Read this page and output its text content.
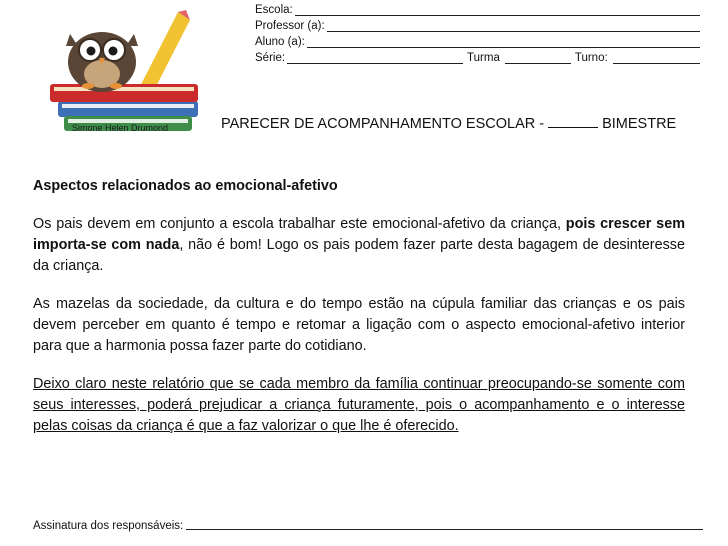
Simone Helen Drumond
Escola:
Professor (a):
Aluno (a):
Série:	Turma	Turno:
PARECER DE ACOMPANHAMENTO ESCOLAR -	BIMESTRE

Aspectos relacionados ao emocional-afetivo

Os pais devem em conjunto a escola trabalhar este emocional-afetivo da criança, pois crescer sem importa-se com nada, não é bom! Logo os pais podem fazer parte desta bagagem de desinteresse da criança.

As mazelas da sociedade, da cultura e do tempo estão na cúpula familiar das crianças e os pais devem perceber em quanto é tempo e retomar a ligação com o aspecto emocional-afetivo interior para que a harmonia possa fazer parte do cotidiano.

Deixo claro neste relatório que se cada membro da família continuar preocupando-se somente com seus interesses, poderá prejudicar a criança futuramente, pois o acompanhamento e o interesse pelas coisas da criança é que a faz valorizar o que lhe é oferecido.

Assinatura dos responsáveis:
